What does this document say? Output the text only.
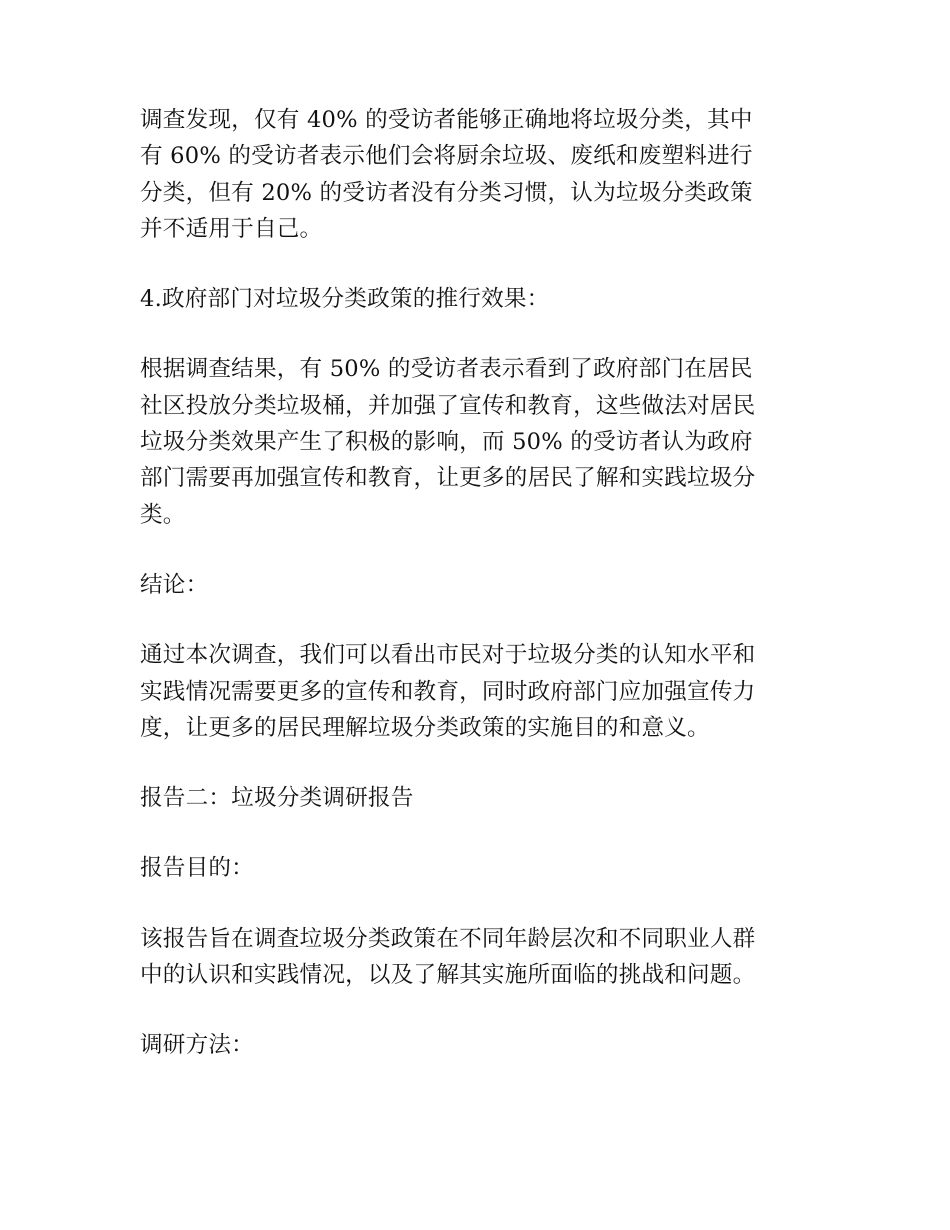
调查发现，仅有 40% 的受访者能够正确地将垃圾分类，其中
有 60% 的受访者表示他们会将厨余垃圾、废纸和废塑料进行
分类，但有 20% 的受访者没有分类习惯，认为垃圾分类政策
并不适用于自己。

4.政府部门对垃圾分类政策的推行效果：

根据调查结果，有 50% 的受访者表示看到了政府部门在居民
社区投放分类垃圾桶，并加强了宣传和教育，这些做法对居民
垃圾分类效果产生了积极的影响，而 50% 的受访者认为政府
部门需要再加强宣传和教育，让更多的居民了解和实践垃圾分
类。

结论：

通过本次调查，我们可以看出市民对于垃圾分类的认知水平和
实践情况需要更多的宣传和教育，同时政府部门应加强宣传力
度，让更多的居民理解垃圾分类政策的实施目的和意义。

报告二：垃圾分类调研报告

报告目的：

该报告旨在调查垃圾分类政策在不同年龄层次和不同职业人群
中的认识和实践情况，以及了解其实施所面临的挑战和问题。

调研方法：
